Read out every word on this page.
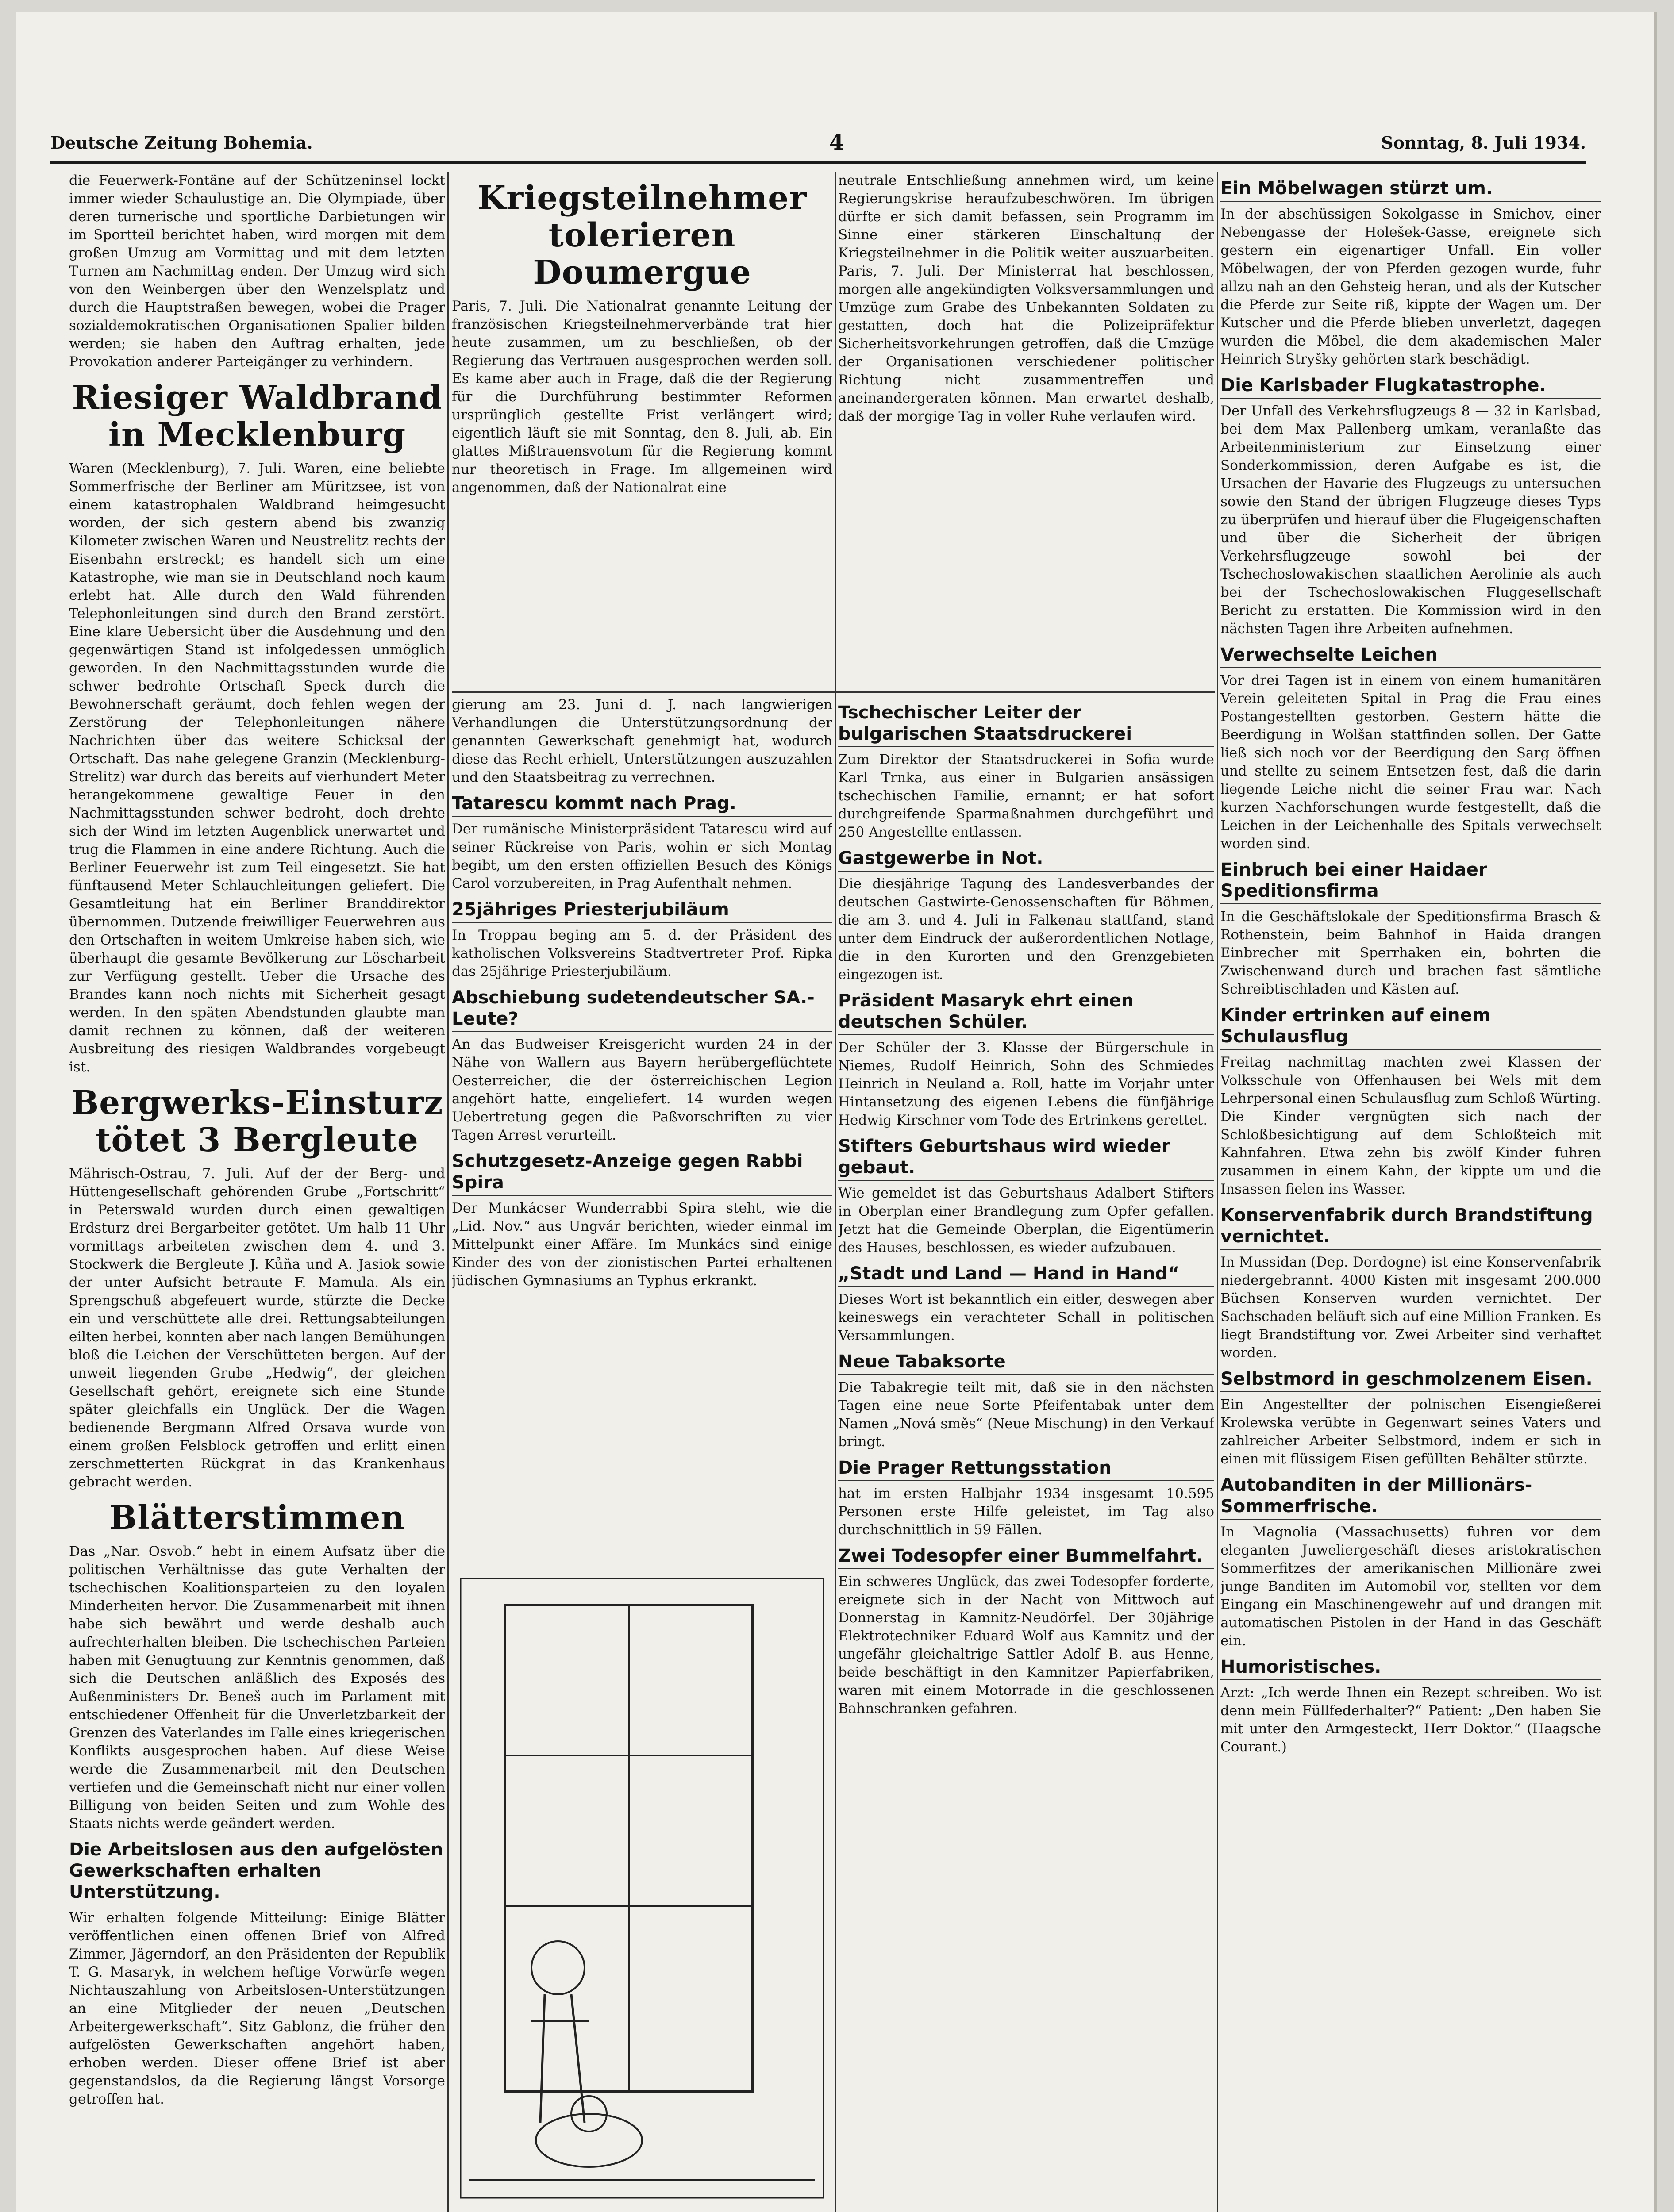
Deutsche Zeitung Bohemia.	4	Sonntag, 8. Juli 1934.

die Feuerwerk-Fontäne auf der Schützeninsel lockt immer wieder Schaulustige an. Die Olympiade, über deren turnerische und sportliche Darbietungen wir im Sportteil berichtet haben, wird morgen mit dem großen Umzug am Vormittag und mit dem letzten Turnen am Nachmittag enden. Der Umzug wird sich von den Weinbergen über den Wenzelsplatz und durch die Hauptstraßen bewegen, wobei die Prager sozialdemokratischen Organisationen Spalier bilden werden; sie haben den Auftrag erhalten, jede Provokation anderer Parteigänger zu verhindern.

Riesiger Waldbrand in Mecklenburg

Waren (Mecklenburg), 7. Juli. Waren, eine beliebte Sommerfrische der Berliner am Müritzsee, ist von einem katastrophalen Waldbrand heimgesucht worden, der sich gestern abend bis zwanzig Kilometer zwischen Waren und Neustrelitz rechts der Eisenbahn erstreckt; es handelt sich um eine Katastrophe, wie man sie in Deutschland noch kaum erlebt hat. Alle durch den Wald führenden Telephonleitungen sind durch den Brand zerstört. Eine klare Uebersicht über die Ausdehnung und den gegenwärtigen Stand ist infolgedessen unmöglich geworden. In den Nachmittagsstunden wurde die schwer bedrohte Ortschaft Speck durch die Bewohnerschaft geräumt, doch fehlen wegen der Zerstörung der Telephonleitungen nähere Nachrichten über das weitere Schicksal der Ortschaft. Das nahe gelegene Granzin (Mecklenburg-Strelitz) war durch das bereits auf vierhundert Meter herangekommene gewaltige Feuer in den Nachmittagsstunden schwer bedroht, doch drehte sich der Wind im letzten Augenblick unerwartet und trug die Flammen in eine andere Richtung. Auch die Berliner Feuerwehr ist zum Teil eingesetzt. Sie hat fünftausend Meter Schlauchleitungen geliefert. Die Gesamtleitung hat ein Berliner Branddirektor übernommen. Dutzende freiwilliger Feuerwehren aus den Ortschaften in weitem Umkreise haben sich, wie überhaupt die gesamte Bevölkerung zur Löscharbeit zur Verfügung gestellt. Ueber die Ursache des Brandes kann noch nichts mit Sicherheit gesagt werden. In den späten Abendstunden glaubte man damit rechnen zu können, daß der weiteren Ausbreitung des riesigen Waldbrandes vorgebeugt ist.

Bergwerks-Einsturz tötet 3 Bergleute

Mährisch-Ostrau, 7. Juli. Auf der der Berg- und Hüttengesellschaft gehörenden Grube „Fortschritt“ in Peterswald wurden durch einen gewaltigen Erdsturz drei Bergarbeiter getötet. Um halb 11 Uhr vormittags arbeiteten zwischen dem 4. und 3. Stockwerk die Bergleute J. Kůňa und A. Jasiok sowie der unter Aufsicht betraute F. Mamula. Als ein Sprengschuß abgefeuert wurde, stürzte die Decke ein und verschüttete alle drei. Rettungsabteilungen eilten herbei, konnten aber nach langen Bemühungen bloß die Leichen der Verschütteten bergen. Auf der unweit liegenden Grube „Hedwig“, der gleichen Gesellschaft gehört, ereignete sich eine Stunde später gleichfalls ein Unglück. Der die Wagen bedienende Bergmann Alfred Orsava wurde von einem großen Felsblock getroffen und erlitt einen zerschmetterten Rückgrat in das Krankenhaus gebracht werden.

Blätterstimmen

Das „Nar. Osvob.“ hebt in einem Aufsatz über die politischen Verhältnisse das gute Verhalten der tschechischen Koalitionsparteien zu den loyalen Minderheiten hervor. Die Zusammenarbeit mit ihnen habe sich bewährt und werde deshalb auch aufrechterhalten bleiben. Die tschechischen Parteien haben mit Genugtuung zur Kenntnis genommen, daß sich die Deutschen anläßlich des Exposés des Außenministers Dr. Beneš auch im Parlament mit entschiedener Offenheit für die Unverletzbarkeit der Grenzen des Vaterlandes im Falle eines kriegerischen Konflikts ausgesprochen haben. Auf diese Weise werde die Zusammenarbeit mit den Deutschen vertiefen und die Gemeinschaft nicht nur einer vollen Billigung von beiden Seiten und zum Wohle des Staats nichts werde geändert werden.

Die Arbeitslosen aus den aufgelösten Gewerkschaften erhalten Unterstützung.

Wir erhalten folgende Mitteilung: Einige Blätter veröffentlichen einen offenen Brief von Alfred Zimmer, Jägerndorf, an den Präsidenten der Republik T. G. Masaryk, in welchem heftige Vorwürfe wegen Nichtauszahlung von Arbeitslosen-Unterstützungen an eine Mitglieder der neuen „Deutschen Arbeitergewerkschaft“. Sitz Gablonz, die früher den aufgelösten Gewerkschaften angehört haben, erhoben werden. Dieser offene Brief ist aber gegenstandslos, da die Regierung längst Vorsorge getroffen hat.

Kriegsteilnehmer tolerieren Doumergue

Paris, 7. Juli. Die Nationalrat genannte Leitung der französischen Kriegsteilnehmerverbände trat hier heute zusammen, um zu beschließen, ob der Regierung das Vertrauen ausgesprochen werden soll. Es kame aber auch in Frage, daß die der Regierung für die Durchführung bestimmter Reformen ursprünglich gestellte Frist verlängert wird; eigentlich läuft sie mit Sonntag, den 8. Juli, ab. Ein glattes Mißtrauensvotum für die Regierung kommt nur theoretisch in Frage. Im allgemeinen wird angenommen, daß der Nationalrat eine

neutrale Entschließung annehmen wird, um keine Regierungskrise heraufzubeschwören. Im übrigen dürfte er sich damit befassen, sein Programm im Sinne einer stärkeren Einschaltung der Kriegsteilnehmer in die Politik weiter auszuarbeiten. Paris, 7. Juli. Der Ministerrat hat beschlossen, morgen alle angekündigten Volksversammlungen und Umzüge zum Grabe des Unbekannten Soldaten zu gestatten, doch hat die Polizeipräfektur Sicherheitsvorkehrungen getroffen, daß die Umzüge der Organisationen verschiedener politischer Richtung nicht zusammentreffen und aneinandergeraten können. Man erwartet deshalb, daß der morgige Tag in voller Ruhe verlaufen wird.

Ein Möbelwagen stürzt um.

In der abschüssigen Sokolgasse in Smichov, einer Nebengasse der Holešek-Gasse, ereignete sich gestern ein eigenartiger Unfall. Ein voller Möbelwagen, der von Pferden gezogen wurde, fuhr allzu nah an den Gehsteig heran, und als der Kutscher die Pferde zur Seite riß, kippte der Wagen um. Der Kutscher und die Pferde blieben unverletzt, dagegen wurden die Möbel, die dem akademischen Maler Heinrich Stryšky gehörten stark beschädigt.

Die Karlsbader Flugkatastrophe.

Der Unfall des Verkehrsflugzeugs 8 — 32 in Karlsbad, bei dem Max Pallenberg umkam, veranlaßte das Arbeitenministerium zur Einsetzung einer Sonderkommission, deren Aufgabe es ist, die Ursachen der Havarie des Flugzeugs zu untersuchen sowie den Stand der übrigen Flugzeuge dieses Typs zu überprüfen und hierauf über die Flugeigenschaften und über die Sicherheit der übrigen Verkehrsflugzeuge sowohl bei der Tschechoslowakischen staatlichen Aerolinie als auch bei der Tschechoslowakischen Fluggesellschaft Bericht zu erstatten. Die Kommission wird in den nächsten Tagen ihre Arbeiten aufnehmen.

Verwechselte Leichen

Vor drei Tagen ist in einem von einem humanitären Verein geleiteten Spital in Prag die Frau eines Postangestellten gestorben. Gestern hätte die Beerdigung in Wolšan stattfinden sollen. Der Gatte ließ sich noch vor der Beerdigung den Sarg öffnen und stellte zu seinem Entsetzen fest, daß die darin liegende Leiche nicht die seiner Frau war. Nach kurzen Nachforschungen wurde festgestellt, daß die Leichen in der Leichenhalle des Spitals verwechselt worden sind.

Einbruch bei einer Haidaer Speditionsfirma

In die Geschäftslokale der Speditionsfirma Brasch & Rothenstein, beim Bahnhof in Haida drangen Einbrecher mit Sperrhaken ein, bohrten die Zwischenwand durch und brachen fast sämtliche Schreibtischladen und Kästen auf.

Kinder ertrinken auf einem Schulausflug

Freitag nachmittag machten zwei Klassen der Volksschule von Offenhausen bei Wels mit dem Lehrpersonal einen Schulausflug zum Schloß Würting. Die Kinder vergnügten sich nach der Schloßbesichtigung auf dem Schloßteich mit Kahnfahren. Etwa zehn bis zwölf Kinder fuhren zusammen in einem Kahn, der kippte um und die Insassen fielen ins Wasser.

Konservenfabrik durch Brandstiftung vernichtet.

In Mussidan (Dep. Dordogne) ist eine Konservenfabrik niedergebrannt. 4000 Kisten mit insgesamt 200.000 Büchsen Konserven wurden vernichtet. Der Sachschaden beläuft sich auf eine Million Franken. Es liegt Brandstiftung vor. Zwei Arbeiter sind verhaftet worden.

Selbstmord in geschmolzenem Eisen.

Ein Angestellter der polnischen Eisengießerei Krolewska verübte in Gegenwart seines Vaters und zahlreicher Arbeiter Selbstmord, indem er sich in einen mit flüssigem Eisen gefüllten Behälter stürzte.

Autobanditen in der Millionärs-Sommerfrische.

In Magnolia (Massachusetts) fuhren vor dem eleganten Juweliergeschäft dieses aristokratischen Sommerfitzes der amerikanischen Millionäre zwei junge Banditen im Automobil vor, stellten vor dem Eingang ein Maschinengewehr auf und drangen mit automatischen Pistolen in der Hand in das Geschäft ein.

Humoristisches.

Arzt: „Ich werde Ihnen ein Rezept schreiben. Wo ist denn mein Füllfederhalter?“ Patient: „Den haben Sie mit unter den Armgesteckt, Herr Doktor.“ (Haagsche Courant.)

gierung am 23. Juni d. J. nach langwierigen Verhandlungen die Unterstützungsordnung der genannten Gewerkschaft genehmigt hat, wodurch diese das Recht erhielt, Unterstützungen auszuzahlen und den Staatsbeitrag zu verrechnen.

Tatarescu kommt nach Prag.

Der rumänische Ministerpräsident Tatarescu wird auf seiner Rückreise von Paris, wohin er sich Montag begibt, um den ersten offiziellen Besuch des Königs Carol vorzubereiten, in Prag Aufenthalt nehmen.

25jähriges Priesterjubiläum

In Troppau beging am 5. d. der Präsident des katholischen Volksvereins Stadtvertreter Prof. Ripka das 25jährige Priesterjubiläum.

Abschiebung sudetendeutscher SA.-Leute?

An das Budweiser Kreisgericht wurden 24 in der Nähe von Wallern aus Bayern herübergeflüchtete Oesterreicher, die der österreichischen Legion angehört hatte, eingeliefert. 14 wurden wegen Uebertretung gegen die Paßvorschriften zu vier Tagen Arrest verurteilt.

Schutzgesetz-Anzeige gegen Rabbi Spira

Der Munkácser Wunderrabbi Spira steht, wie die „Lid. Nov.“ aus Ungvár berichten, wieder einmal im Mittelpunkt einer Affäre. Im Munkács sind einige Kinder des von der zionistischen Partei erhaltenen jüdischen Gymnasiums an Typhus erkrankt.

Tschechischer Leiter der bulgarischen Staatsdruckerei

Zum Direktor der Staatsdruckerei in Sofia wurde Karl Trnka, aus einer in Bulgarien ansässigen tschechischen Familie, ernannt; er hat sofort durchgreifende Sparmaßnahmen durchgeführt und 250 Angestellte entlassen.

Gastgewerbe in Not.

Die diesjährige Tagung des Landesverbandes der deutschen Gastwirte-Genossenschaften für Böhmen, die am 3. und 4. Juli in Falkenau stattfand, stand unter dem Eindruck der außerordentlichen Notlage, die in den Kurorten und den Grenzgebieten eingezogen ist.

Präsident Masaryk ehrt einen deutschen Schüler.

Der Schüler der 3. Klasse der Bürgerschule in Niemes, Rudolf Heinrich, Sohn des Schmiedes Heinrich in Neuland a. Roll, hatte im Vorjahr unter Hintansetzung des eigenen Lebens die fünfjährige Hedwig Kirschner vom Tode des Ertrinkens gerettet.

Stifters Geburtshaus wird wieder gebaut.

Wie gemeldet ist das Geburtshaus Adalbert Stifters in Oberplan einer Brandlegung zum Opfer gefallen. Jetzt hat die Gemeinde Oberplan, die Eigentümerin des Hauses, beschlossen, es wieder aufzubauen.

„Stadt und Land — Hand in Hand“

Dieses Wort ist bekanntlich ein eitler, deswegen aber keineswegs ein verachteter Schall in politischen Versammlungen.

Neue Tabaksorte

Die Tabakregie teilt mit, daß sie in den nächsten Tagen eine neue Sorte Pfeifentabak unter dem Namen „Nová směs“ (Neue Mischung) in den Verkauf bringt.

Die Prager Rettungsstation

hat im ersten Halbjahr 1934 insgesamt 10.595 Personen erste Hilfe geleistet, im Tag also durchschnittlich in 59 Fällen.

Zwei Todesopfer einer Bummelfahrt.

Ein schweres Unglück, das zwei Todesopfer forderte, ereignete sich in der Nacht von Mittwoch auf Donnerstag in Kamnitz-Neudörfel. Der 30jährige Elektrotechniker Eduard Wolf aus Kamnitz und der ungefähr gleichaltrige Sattler Adolf B. aus Henne, beide beschäftigt in den Kamnitzer Papierfabriken, waren mit einem Motorrade in die geschlossenen Bahnschranken gefahren.
